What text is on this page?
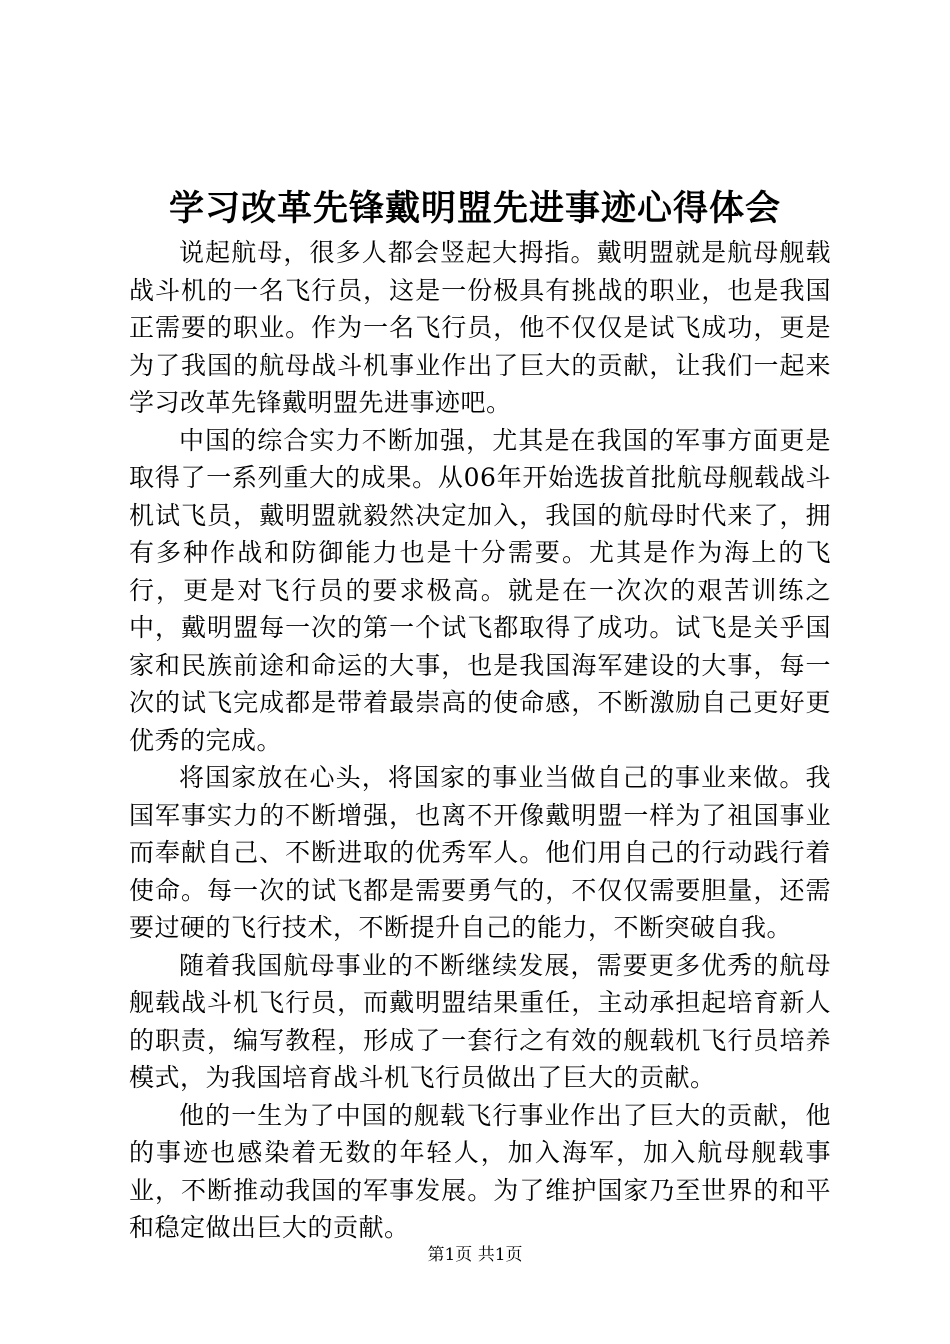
学习改革先锋戴明盟先进事迹心得体会

说起航母，很多人都会竖起大拇指。戴明盟就是航母舰载战斗机的一名飞行员，这是一份极具有挑战的职业，也是我国正需要的职业。作为一名飞行员，他不仅仅是试飞成功，更是为了我国的航母战斗机事业作出了巨大的贡献，让我们一起来学习改革先锋戴明盟先进事迹吧。

中国的综合实力不断加强，尤其是在我国的军事方面更是取得了一系列重大的成果。从06年开始选拔首批航母舰载战斗机试飞员，戴明盟就毅然决定加入，我国的航母时代来了，拥有多种作战和防御能力也是十分需要。尤其是作为海上的飞行，更是对飞行员的要求极高。就是在一次次的艰苦训练之中，戴明盟每一次的第一个试飞都取得了成功。试飞是关乎国家和民族前途和命运的大事，也是我国海军建设的大事，每一次的试飞完成都是带着最崇高的使命感，不断激励自己更好更优秀的完成。

将国家放在心头，将国家的事业当做自己的事业来做。我国军事实力的不断增强，也离不开像戴明盟一样为了祖国事业而奉献自己、不断进取的优秀军人。他们用自己的行动践行着使命。每一次的试飞都是需要勇气的，不仅仅需要胆量，还需要过硬的飞行技术，不断提升自己的能力，不断突破自我。

随着我国航母事业的不断继续发展，需要更多优秀的航母舰载战斗机飞行员，而戴明盟结果重任，主动承担起培育新人的职责，编写教程，形成了一套行之有效的舰载机飞行员培养模式，为我国培育战斗机飞行员做出了巨大的贡献。

他的一生为了中国的舰载飞行事业作出了巨大的贡献，他的事迹也感染着无数的年轻人，加入海军，加入航母舰载事业，不断推动我国的军事发展。为了维护国家乃至世界的和平和稳定做出巨大的贡献。

第1页 共1页
